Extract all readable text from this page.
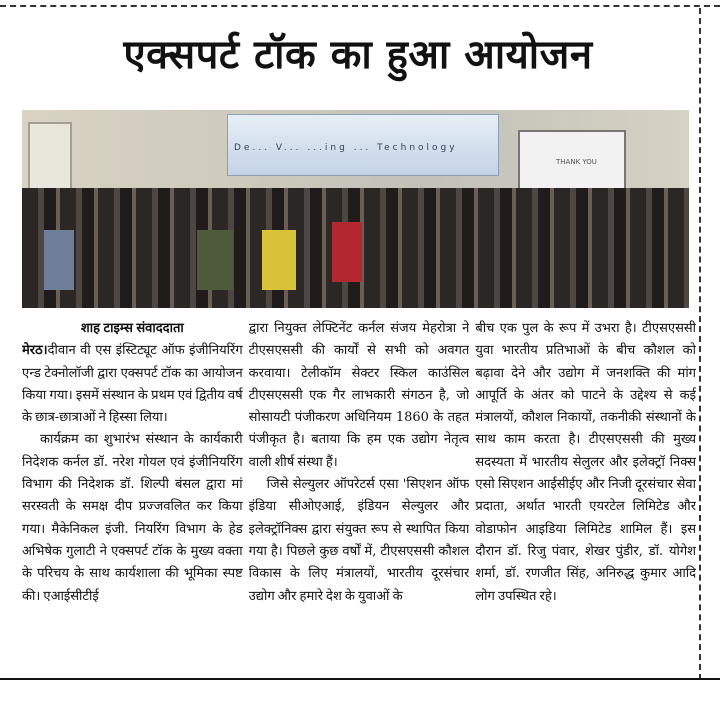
एक्सपर्ट टॉक का हुआ आयोजन
De... V... ...ing ... Technology
THANK YOU
शाह टाइम्स संवाददाता

मेरठ।दीवान वी एस इंस्टिट्यूट ऑफ इंजीनियरिंग एन्ड टेक्नोलॉजी द्वारा एक्सपर्ट टॉक का आयोजन किया गया। इसमें संस्थान के प्रथम एवं द्वितीय वर्ष के छात्र-छात्राओं ने हिस्सा लिया।

कार्यक्रम का शुभारंभ संस्थान के कार्यकारी निदेशक कर्नल डॉ. नरेश गोयल एवं इंजीनियरिंग विभाग की निदेशक डॉ. शिल्पी बंसल द्वारा मां सरस्वती के समक्ष दीप प्रज्जवलित कर किया गया। मैकेनिकल इंजी. नियरिंग विभाग के हेड अभिषेक गुलाटी ने एक्सपर्ट टॉक के मुख्य वक्ता के परिचय के साथ कार्यशाला की भूमिका स्पष्ट की। एआईसीटीई

द्वारा नियुक्त लेफ्टिनेंट कर्नल संजय मेहरोत्रा ने टीएसएससी की कार्यों से सभी को अवगत करवाया। टेलीकॉम सेक्टर स्किल काउंसिल टीएसएससी एक गैर लाभकारी संगठन है, जो सोसायटी पंजीकरण अधिनियम 1860 के तहत पंजीकृत है। बताया कि हम एक उद्योग नेतृत्व वाली शीर्ष संस्था हैं।

जिसे सेल्युलर ऑपरेटर्स एसा 'सिएशन ऑफ इंडिया सीओएआई, इंडियन सेल्युलर और इलेक्ट्रॉनिक्स द्वारा संयुक्त रूप से स्थापित किया गया है। पिछले कुछ वर्षों में, टीएसएससी कौशल विकास के लिए मंत्रालयों, भारतीय दूरसंचार उद्योग और हमारे देश के युवाओं के

बीच एक पुल के रूप में उभरा है। टीएसएससी युवा भारतीय प्रतिभाओं के बीच कौशल को बढ़ावा देने और उद्योग में जनशक्ति की मांग आपूर्ति के अंतर को पाटने के उद्देश्य से कई मंत्रालयों, कौशल निकायों, तकनीकी संस्थानों के साथ काम करता है। टीएसएससी की मुख्य सदस्यता में भारतीय सेलुलर और इलेक्ट्रॉ निक्स एसो सिएशन आईसीईए और निजी दूरसंचार सेवा प्रदाता, अर्थात भारती एयरटेल लिमिटेड और वोडाफोन आइडिया लिमिटेड शामिल हैं। इस दौरान डॉ. रिजु पंवार, शेखर पुंडीर, डॉ. योगेश शर्मा, डॉ. रणजीत सिंह, अनिरुद्ध कुमार आदि लोग उपस्थित रहे।
